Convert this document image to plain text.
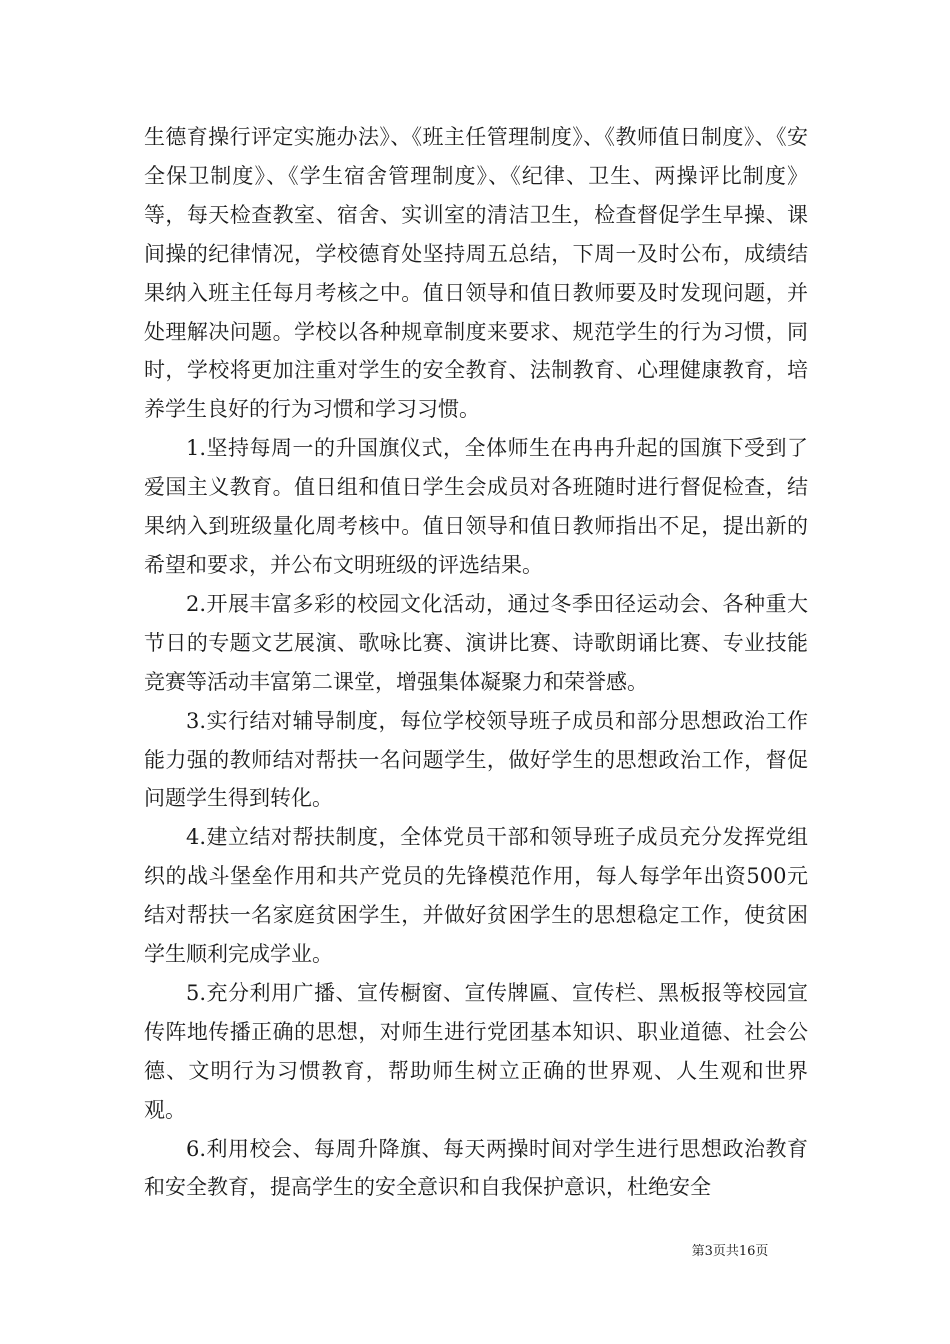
生德育操行评定实施办法》、《班主任管理制度》、《教师值日制度》、《安全保卫制度》、《学生宿舍管理制度》、《纪律、卫生、两操评比制度》等，每天检查教室、宿舍、实训室的清洁卫生，检查督促学生早操、课间操的纪律情况，学校德育处坚持周五总结，下周一及时公布，成绩结果纳入班主任每月考核之中。值日领导和值日教师要及时发现问题，并处理解决问题。学校以各种规章制度来要求、规范学生的行为习惯，同时，学校将更加注重对学生的安全教育、法制教育、心理健康教育，培养学生良好的行为习惯和学习习惯。

1.坚持每周一的升国旗仪式，全体师生在冉冉升起的国旗下受到了爱国主义教育。值日组和值日学生会成员对各班随时进行督促检查，结果纳入到班级量化周考核中。值日领导和值日教师指出不足，提出新的希望和要求，并公布文明班级的评选结果。

2.开展丰富多彩的校园文化活动，通过冬季田径运动会、各种重大节日的专题文艺展演、歌咏比赛、演讲比赛、诗歌朗诵比赛、专业技能竞赛等活动丰富第二课堂，增强集体凝聚力和荣誉感。

3.实行结对辅导制度，每位学校领导班子成员和部分思想政治工作能力强的教师结对帮扶一名问题学生，做好学生的思想政治工作，督促问题学生得到转化。

4.建立结对帮扶制度，全体党员干部和领导班子成员充分发挥党组织的战斗堡垒作用和共产党员的先锋模范作用，每人每学年出资500元结对帮扶一名家庭贫困学生，并做好贫困学生的思想稳定工作，使贫困学生顺利完成学业。

5.充分利用广播、宣传橱窗、宣传牌匾、宣传栏、黑板报等校园宣传阵地传播正确的思想，对师生进行党团基本知识、职业道德、社会公德、文明行为习惯教育，帮助师生树立正确的世界观、人生观和世界观。

6.利用校会、每周升降旗、每天两操时间对学生进行思想政治教育和安全教育，提高学生的安全意识和自我保护意识，杜绝安全

第3页共16页
